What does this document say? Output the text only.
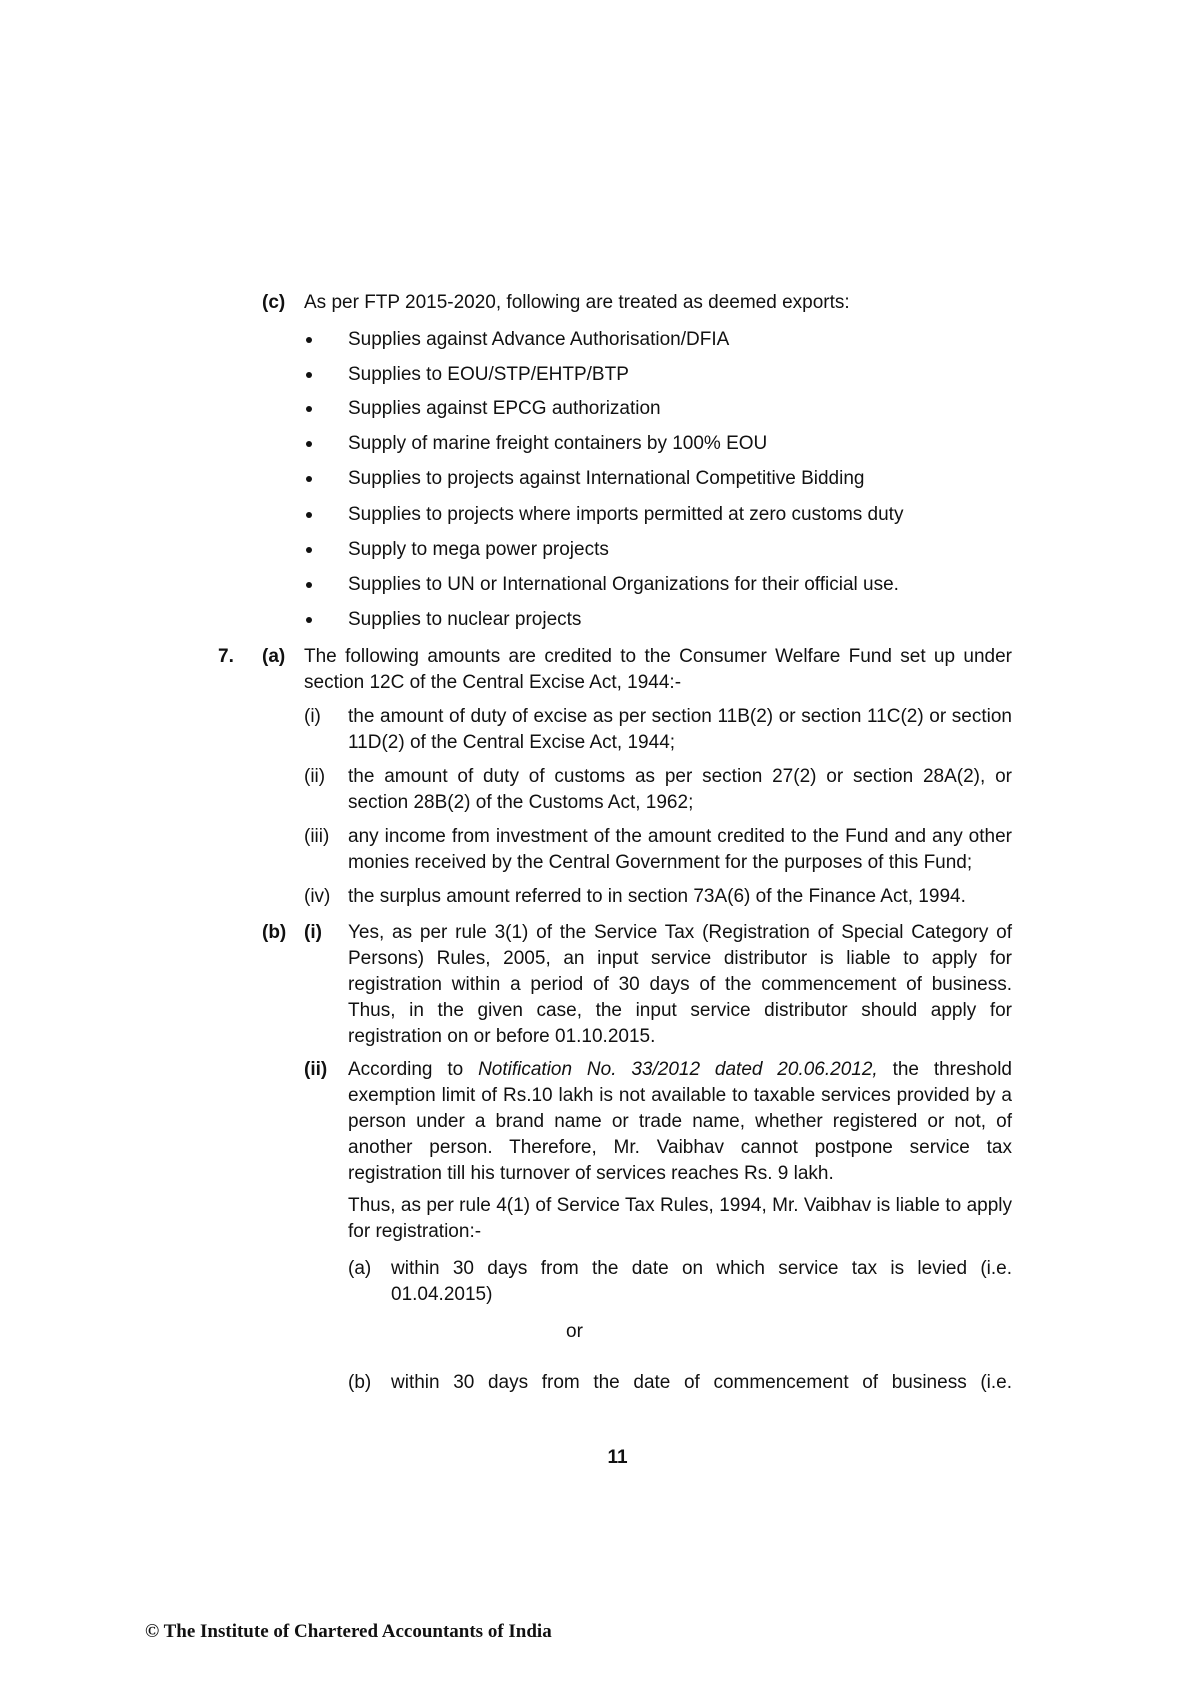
(c) As per FTP 2015-2020, following are treated as deemed exports:
Supplies against Advance Authorisation/DFIA
Supplies to EOU/STP/EHTP/BTP
Supplies against EPCG authorization
Supply of marine freight containers by 100% EOU
Supplies to projects against International Competitive Bidding
Supplies to projects where imports permitted at zero customs duty
Supply to mega power projects
Supplies to UN or International Organizations for their official use.
Supplies to nuclear projects
7. (a) The following amounts are credited to the Consumer Welfare Fund set up under section 12C of the Central Excise Act, 1944:-
(i) the amount of duty of excise as per section 11B(2) or section 11C(2) or section 11D(2) of the Central Excise Act, 1944;
(ii) the amount of duty of customs as per section 27(2) or section 28A(2), or section 28B(2) of the Customs Act, 1962;
(iii) any income from investment of the amount credited to the Fund and any other monies received by the Central Government for the purposes of this Fund;
(iv) the surplus amount referred to in section 73A(6) of the Finance Act, 1994.
(b) (i) Yes, as per rule 3(1) of the Service Tax (Registration of Special Category of Persons) Rules, 2005, an input service distributor is liable to apply for registration within a period of 30 days of the commencement of business. Thus, in the given case, the input service distributor should apply for registration on or before 01.10.2015.
(ii) According to Notification No. 33/2012 dated 20.06.2012, the threshold exemption limit of Rs.10 lakh is not available to taxable services provided by a person under a brand name or trade name, whether registered or not, of another person. Therefore, Mr. Vaibhav cannot postpone service tax registration till his turnover of services reaches Rs. 9 lakh.
Thus, as per rule 4(1) of Service Tax Rules, 1994, Mr. Vaibhav is liable to apply for registration:-
(a) within 30 days from the date on which service tax is levied (i.e. 01.04.2015)
or
(b) within 30 days from the date of commencement of business (i.e.
11
© The Institute of Chartered Accountants of India
